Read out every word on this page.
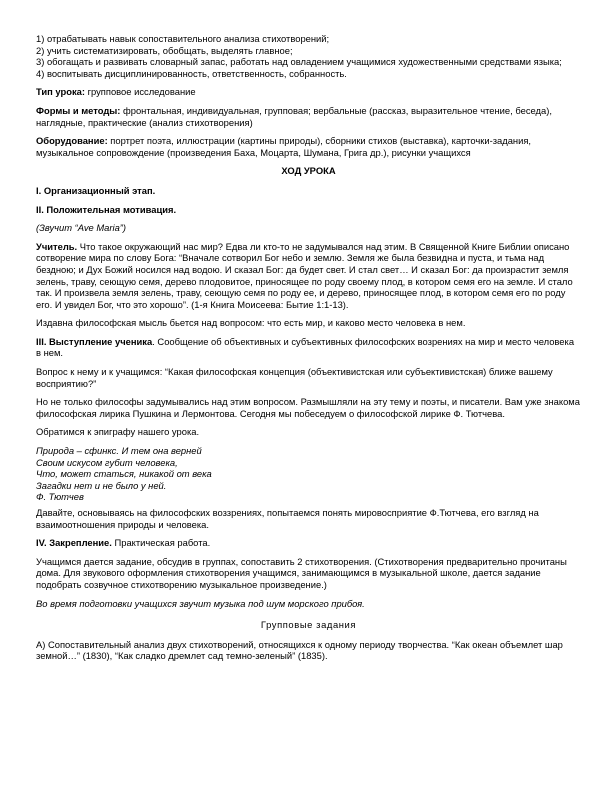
1) отрабатывать навык сопоставительного анализа стихотворений;
2) учить систематизировать, обобщать, выделять главное;
3) обогащать и развивать словарный запас, работать над овладением учащимися художественными средствами языка;
4) воспитывать дисциплинированность, ответственность, собранность.

Тип урока: групповое исследование

Формы и методы: фронтальная, индивидуальная, групповая; вербальные (рассказ, выразительное чтение, беседа), наглядные, практические (анализ стихотворения)

Оборудование: портрет поэта, иллюстрации (картины природы), сборники стихов (выставка), карточки-задания, музыкальное сопровождение (произведения Баха, Моцарта, Шумана, Грига др.), рисунки учащихся

ХОД УРОКА

I. Организационный этап.

II. Положительная мотивация.

(Звучит “Ave Maria”)

Учитель. Что такое окружающий нас мир? Едва ли кто-то не задумывался над этим. В Священной Книге Библии описано сотворение мира по слову Бога: “Вначале сотворил Бог небо и землю. Земля же была безвидна и пуста, и тьма над бездною; и Дух Божий носился над водою. И сказал Бог: да будет свет. И стал свет… И сказал Бог: да произрастит земля зелень, траву, сеющую семя, дерево плодовитое, приносящее по роду своему плод, в котором семя его на земле. И стало так. И произвела земля зелень, траву, сеющую семя по роду ее, и дерево, приносящее плод, в котором семя его по роду его. И увидел Бог, что это хорошо”. (1-я Книга Моисеева: Бытие 1:1-13).

Издавна философская мысль бьется над вопросом: что есть мир, и каково место человека в нем.

III. Выступление ученика. Сообщение об объективных и субъективных философских возрениях на мир и место человека в нем.

Вопрос к нему и к учащимся: “Какая философская концепция (объективистская или субъективистская) ближе вашему восприятию?”

Но не только философы задумывались над этим вопросом. Размышляли на эту тему и поэты, и писатели. Вам уже знакома философская лирика Пушкина и Лермонтова. Сегодня мы побеседуем о философской лирике Ф. Тютчева.

Обратимся к эпиграфу нашего урока.

Природа – сфинкс. И тем она верней
Своим искусом губит человека,
Что, может статься, никакой от века
Загадки нет и не было у ней.
Ф. Тютчев

Давайте, основываясь на философских воззрениях, попытаемся понять мировосприятие Ф.Тютчева, его взгляд на взаимоотношения природы и человека.

IV. Закрепление. Практическая работа.

Учащимся дается задание, обсудив в группах, сопоставить 2 стихотворения. (Стихотворения предварительно прочитаны дома. Для звукового оформления стихотворения учащимся, занимающимся в музыкальной школе, дается задание подобрать созвучное стихотворению музыкальное произведение.)

Во время подготовки учащихся звучит музыка под шум морского прибоя.

Групповые задания

А) Сопоставительный анализ двух стихотворений, относящихся к одному периоду творчества. “Как океан объемлет шар земной…” (1830), “Как сладко дремлет сад темно-зеленый” (1835).
